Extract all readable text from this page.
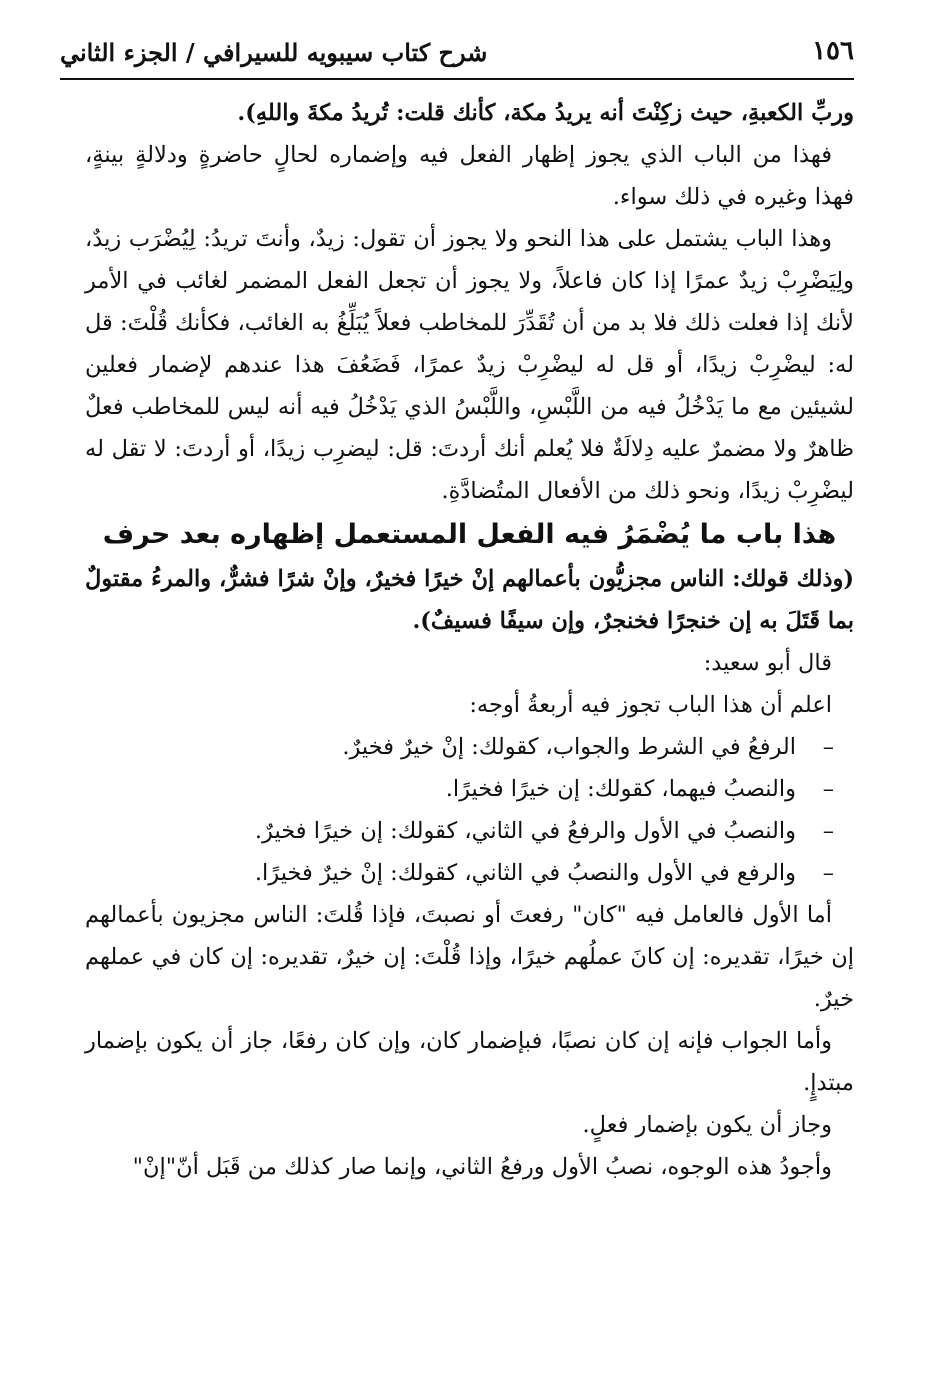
١٥٦
شرح كتاب سيبويه للسيرافي / الجزء الثاني

وربِّ الكعبةِ، حيث زكِنْتَ أنه يريدُ مكة، كأنك قلت: تُريدُ مكةَ واللهِ).

فهذا من الباب الذي يجوز إظهار الفعل فيه وإضماره لحالٍ حاضرةٍ ودلالةٍ بينةٍ، فهذا وغيره في ذلك سواء.

وهذا الباب يشتمل على هذا النحو ولا يجوز أن تقول: زيدٌ، وأنتَ تريدُ: لِيُضْرَب زيدٌ، ولِيَضْرِبْ زيدٌ عمرًا إذا كان فاعلاً، ولا يجوز أن تجعل الفعل المضمر لغائب في الأمر لأنك إذا فعلت ذلك فلا بد من أن تُقَدِّرَ للمخاطب فعلاً يُبَلِّغُ به الغائب، فكأنك قُلْتَ: قل له: ليضْرِبْ زيدًا، أو قل له ليضْرِبْ زيدٌ عمرًا، فَضَعُفَ هذا عندهم لإضمار فعلين لشيئين مع ما يَدْخُلُ فيه من اللَّبْسِ، واللَّبْسُ الذي يَدْخُلُ فيه أنه ليس للمخاطب فعلٌ ظاهرٌ ولا مضمرٌ عليه دِلالَةٌ فلا يُعلم أنك أردتَ: قل: ليضرِب زيدًا، أو أردتَ: لا تقل له ليضْرِبْ زيدًا، ونحو ذلك من الأفعال المتُضادَّةِ.

هذا باب ما يُضْمَرُ فيه الفعل المستعمل إظهاره بعد حرف

(وذلك قولك: الناس مجزيُّون بأعمالهم إنْ خيرًا فخيرٌ، وإنْ شرًا فشرٌّ، والمرءُ مقتولٌ بما قَتَلَ به إن خنجرًا فخنجرٌ، وإن سيفًا فسيفٌ).

قال أبو سعيد:

اعلم أن هذا الباب تجوز فيه أربعةُ أوجه:

–
الرفعُ في الشرط والجواب، كقولك: إنْ خيرٌ فخيرٌ.

–
والنصبُ فيهما، كقولك: إن خيرًا فخيرًا.

–
والنصبُ في الأول والرفعُ في الثاني، كقولك: إن خيرًا فخيرٌ.

–
والرفع في الأول والنصبُ في الثاني، كقولك: إنْ خيرٌ فخيرًا.

أما الأول فالعامل فيه "كان" رفعتَ أو نصبتَ، فإذا قُلتَ: الناس مجزيون بأعمالهم إن خيرًا، تقديره: إن كانَ عملُهم خيرًا، وإذا قُلْتَ: إن خيرٌ، تقديره: إن كان في عملهم خيرٌ.

وأما الجواب فإنه إن كان نصبًا، فبإضمار كان، وإن كان رفعًا، جاز أن يكون بإضمار مبتدإٍ.

وجاز أن يكون بإضمار فعلٍ.

وأجودُ هذه الوجوه، نصبُ الأول ورفعُ الثاني، وإنما صار كذلك من قَبَل أنّ"إنْ"
